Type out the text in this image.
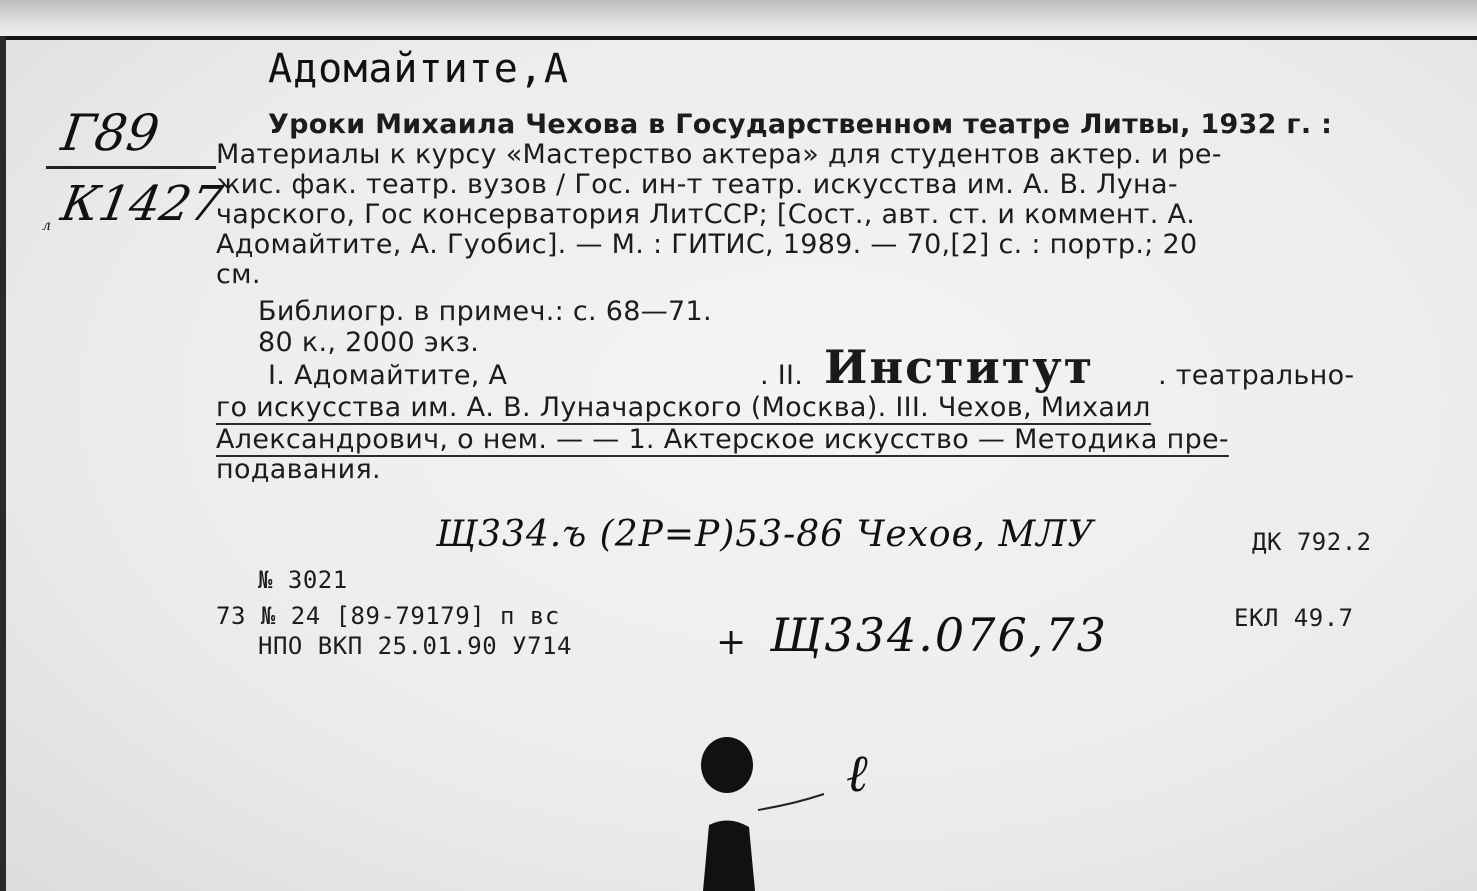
Адомайтите,А
Г89
К1427
л
Уроки Михаила Чехова в Государственном театре Литвы, 1932 г. :
Материалы к курсу «Мастерство актера» для студентов актер. и ре-
жис. фак. театр. вузов / Гос. ин-т театр. искусства им. А. В. Луна-
чарского, Гос консерватория ЛитССР; [Сост., авт. ст. и коммент. А.
Адомайтите, А. Гуобис]. — М. : ГИТИС, 1989. — 70,[2] с. : портр.; 20
см.
Библиогр. в примеч.: с. 68—71.
80 к., 2000 экз.
I. Адомайтите, А	. II. Институт . театрально-
го искусства им. А. В. Луначарского (Москва). III. Чехов, Михаил
Александрович, о нем. — — 1. Актерское искусство — Методика пре-
подавания.
Щ334.ъ (2Р=Р)53-86 Чехов, МЛУ	ДК 792.2
№ 3021
73 № 24 [89-79179] п вс	ЕКЛ 49.7
НПО ВКП 25.01.90 У714	+ Щ334.076,73
ℓ
